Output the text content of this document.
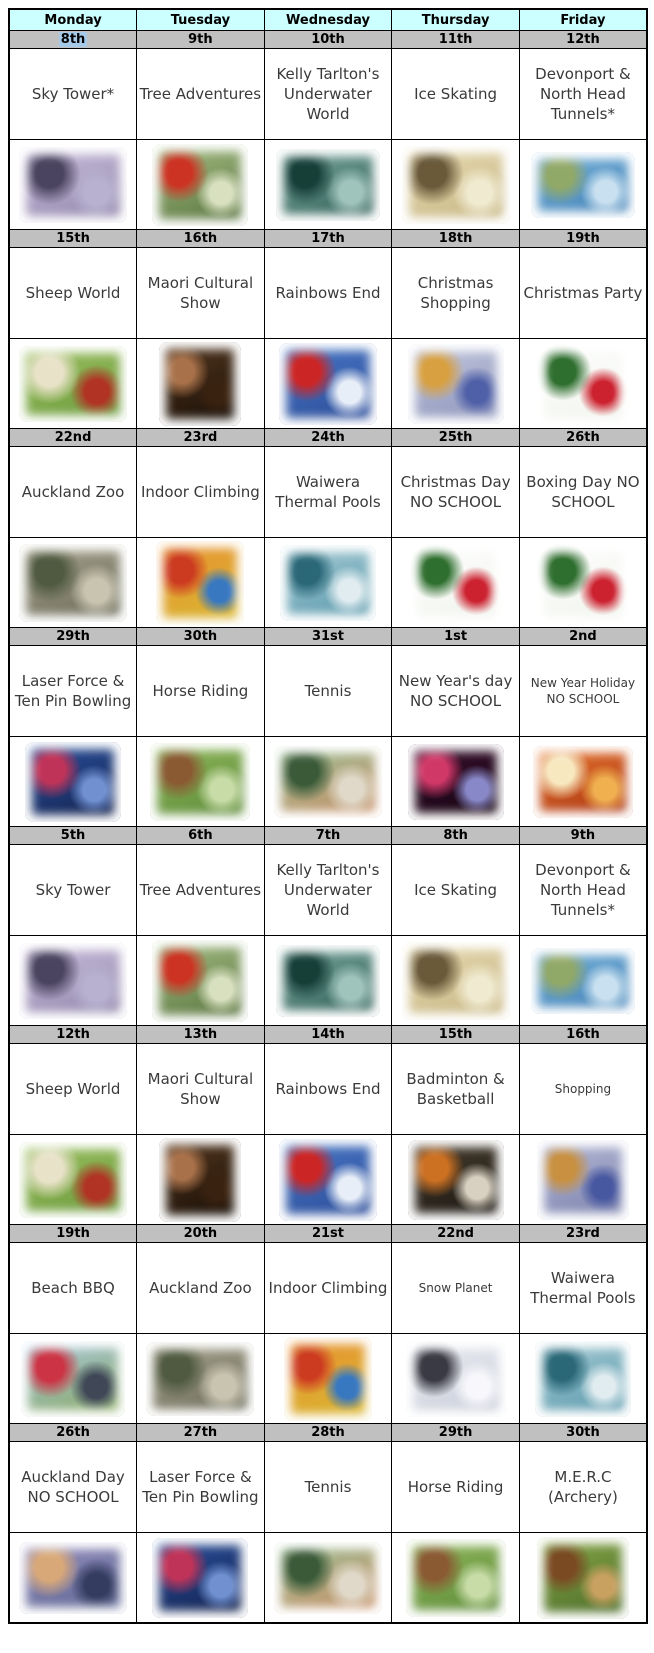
Monday	Tuesday	Wednesday	Thursday	Friday
8th	9th	10th	11th	12th
Sky Tower*	Tree Adventures	Kelly Tarlton's Underwater World	Ice Skating	Devonport & North Head Tunnels*

15th	16th	17th	18th	19th
Sheep World	Maori Cultural Show	Rainbows End	Christmas Shopping	Christmas Party

22nd	23rd	24th	25th	26th
Auckland Zoo	Indoor Climbing	Waiwera Thermal Pools	Christmas Day NO SCHOOL	Boxing Day NO SCHOOL

29th	30th	31st	1st	2nd
Laser Force & Ten Pin Bowling	Horse Riding	Tennis	New Year's day NO SCHOOL	New Year Holiday NO SCHOOL

5th	6th	7th	8th	9th
Sky Tower	Tree Adventures	Kelly Tarlton's Underwater World	Ice Skating	Devonport & North Head Tunnels*

12th	13th	14th	15th	16th
Sheep World	Maori Cultural Show	Rainbows End	Badminton & Basketball	Shopping

19th	20th	21st	22nd	23rd
Beach BBQ	Auckland Zoo	Indoor Climbing	Snow Planet	Waiwera Thermal Pools

26th	27th	28th	29th	30th
Auckland Day NO SCHOOL	Laser Force & Ten Pin Bowling	Tennis	Horse Riding	M.E.R.C (Archery)
